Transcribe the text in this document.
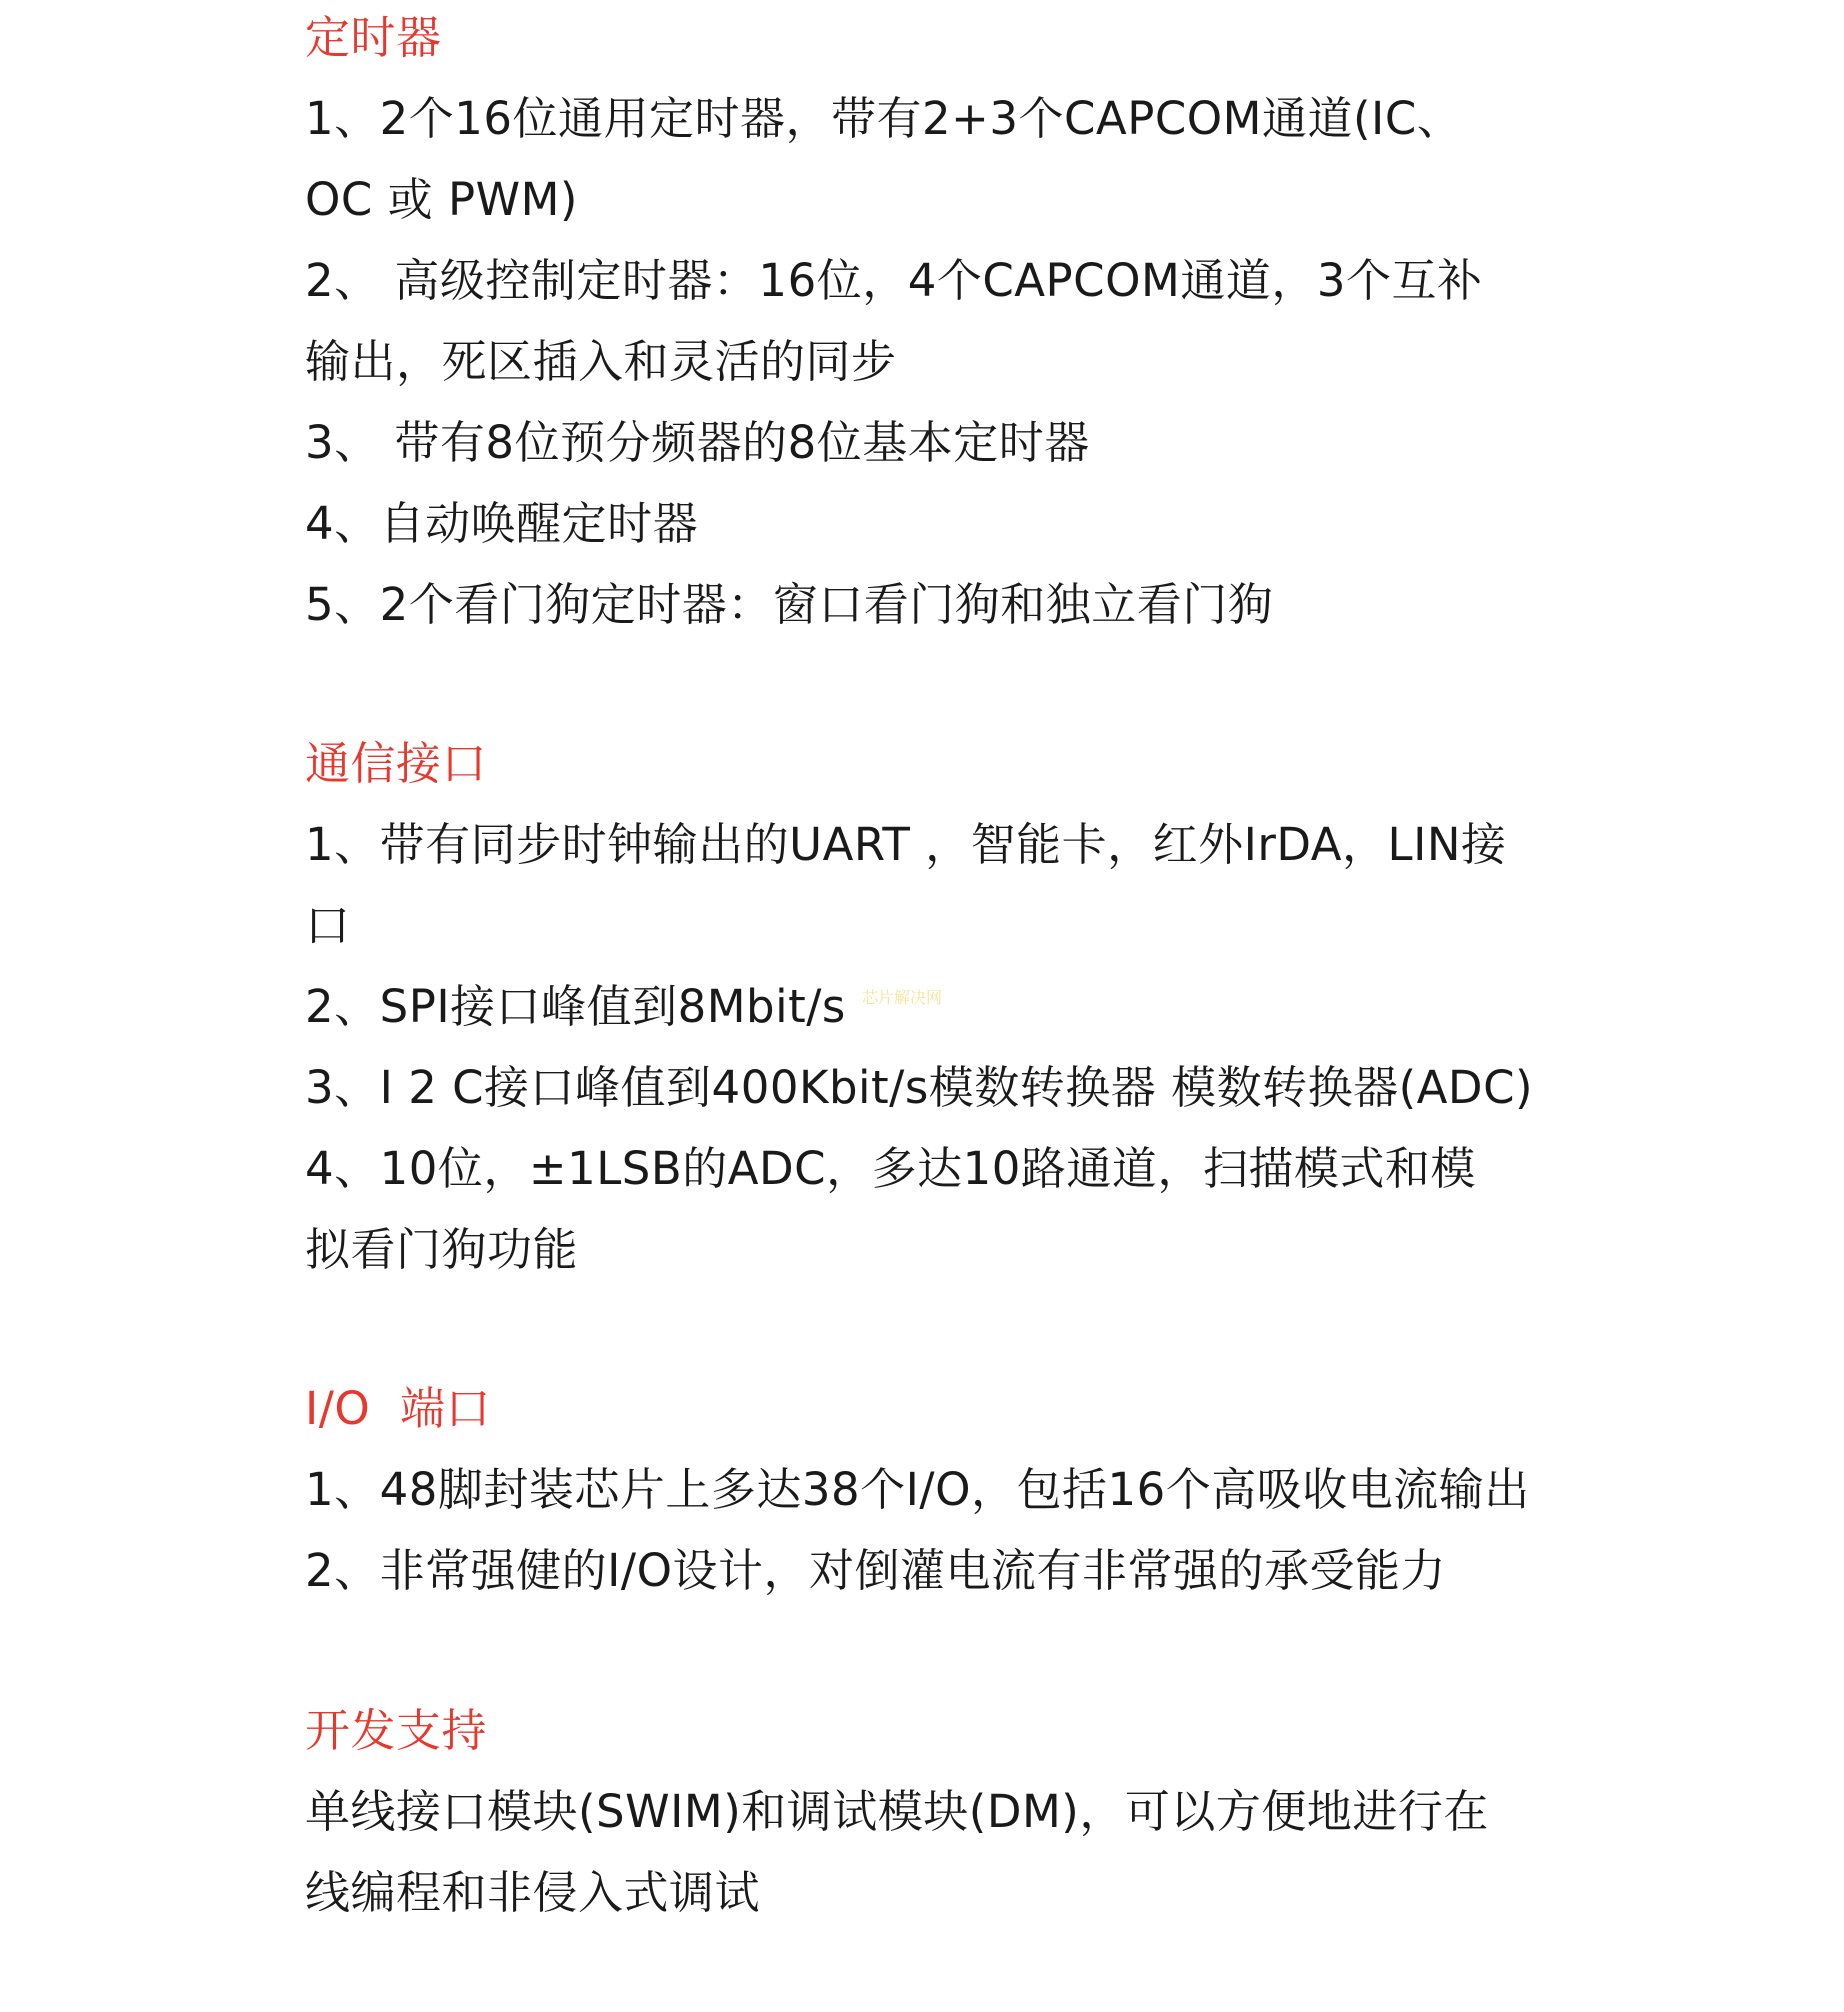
定时器
1、2个16位通用定时器，带有2+3个CAPCOM通道(IC、
OC 或 PWM)
2、 高级控制定时器：16位，4个CAPCOM通道，3个互补
输出，死区插入和灵活的同步
3、 带有8位预分频器的8位基本定时器
4、自动唤醒定时器
5、2个看门狗定时器：窗口看门狗和独立看门狗
通信接口
1、带有同步时钟输出的UART ，智能卡，红外IrDA，LIN接
口
2、SPI接口峰值到8Mbit/s
3、I 2 C接口峰值到400Kbit/s模数转换器 模数转换器(ADC)
4、10位，±1LSB的ADC，多达10路通道，扫描模式和模
拟看门狗功能
I/O  端口
1、48脚封装芯片上多达38个I/O，包括16个高吸收电流输出
2、非常强健的I/O设计，对倒灌电流有非常强的承受能力
开发支持
单线接口模块(SWIM)和调试模块(DM)，可以方便地进行在
线编程和非侵入式调试
芯片解决网
